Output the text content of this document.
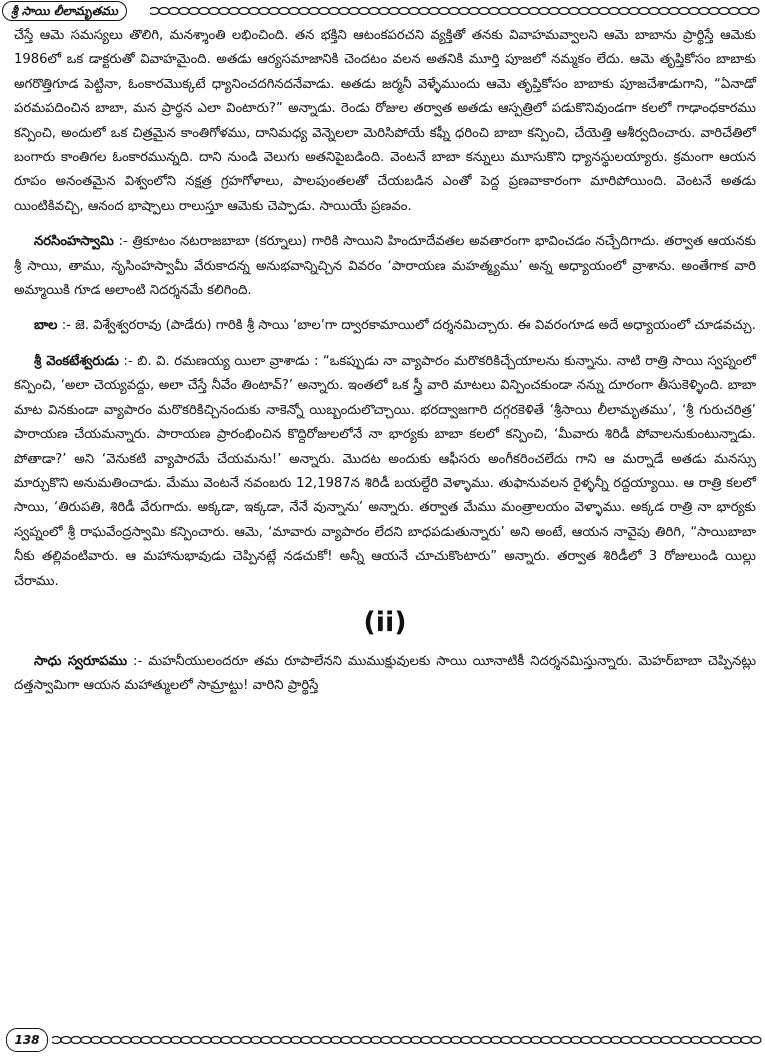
శ్రీ సాయి లీలామృతము

చేస్తే ఆమె సమస్యలు తొలిగి, మనశ్శాంతి లభించింది. తన భక్తిని ఆటంకపరచని వ్యక్తితో తనకు వివాహమవ్వాలని ఆమె బాబాను ప్రార్థిస్తే ఆమెకు 1986లో ఒక డాక్టరుతో వివాహమైంది. అతడు ఆర్యసమాజానికి చెందటం వలన అతనికి మూర్తి పూజలో నమ్మకం లేదు. ఆమె తృప్తికోసం బాబాకు అగరొత్తిగూడ పెట్టినా, ఓంకారమొక్కటే ధ్యానించదగినదనేవాడు. అతడు జర్మనీ వెళ్ళేముందు ఆమె తృప్తికోసం బాబాకు పూజచేశాడుగాని, “ఏనాడో పరమపదించిన బాబా, మన ప్రార్థన ఎలా వింటారు?” అన్నాడు. రెండు రోజుల తర్వాత అతడు ఆస్పత్రిలో పడుకొనివుండగా కలలో గాఢాంధకారము కన్పించి, అందులో ఒక చిత్రమైన కాంతిగోళము, దానిమధ్య వెన్నెలలా మెరిసిపోయే కఫ్నీ ధరించి బాబా కన్పించి, చేయెత్తి ఆశీర్వదించారు. వారిచేతిలో బంగారు కాంతిగల ఓంకారమున్నది. దాని నుండి వెలుగు అతనిపైబడింది. వెంటనే బాబా కన్నులు మూసుకొని ధ్యానస్థులయ్యారు. క్రమంగా ఆయన రూపం అనంతమైన విశ్వంలోని నక్షత్ర గ్రహగోళాలు, పాలపుంతలతో చేయబడిన ఎంతో పెద్ద ప్రణవాకారంగా మారిపోయింది. వెంటనే అతడు యింటికివచ్చి, ఆనంద భాష్పాలు రాలుస్తూ ఆమెకు చెప్పాడు. సాయియే ప్రణవం.

నరసింహస్వామి :- త్రికూటం నటరాజబాబా (కర్నూలు) గారికి సాయిని హిందూదేవతల అవతారంగా భావించడం నచ్చేదిగాదు. తర్వాత ఆయనకు శ్రీ సాయి, తాము, నృసింహస్వామీ వేరుకాదన్న అనుభవాన్నిచ్చిన వివరం ‘పారాయణ మహత్మ్యము’ అన్న అధ్యాయంలో వ్రాశాను. అంతేగాక వారి అమ్మాయికి గూడ అలాంటి నిదర్శనమే కలిగింది.

బాల :- జె. విశ్వేశ్వరరావు (పాడేరు) గారికి శ్రీ సాయి ‘బాల’గా ద్వారకామాయిలో దర్శనమిచ్చారు. ఈ వివరంగూడ అదే అధ్యాయంలో చూడవచ్చు.

శ్రీ వెంకటేశ్వరుడు :- బి. వి. రమణయ్య యిలా వ్రాశాడు : “ఒకప్పుడు నా వ్యాపారం మరొకరికిచ్చేయాలను కున్నాను. నాటి రాత్రి సాయి స్వప్నంలో కన్పించి, ‘అలా చెయ్యవద్దు, అలా చేస్తే నీవేం తింటావ్?’ అన్నారు. ఇంతలో ఒక స్త్రీ వారి మాటలు విన్పించకుండా నన్ను దూరంగా తీసుకెళ్ళింది. బాబా మాట వినకుండా వ్యాపారం మరొకరికిచ్చినందుకు నాకెన్నో యిబ్బందులొచ్చాయి. భరద్వాజగారి దగ్గరకెళితే ‘శ్రీసాయి లీలామృతము’, ‘శ్రీ గురుచరిత్ర’ పారాయణ చేయమన్నారు. పారాయణ ప్రారంభించిన కొద్దిరోజులలోనే నా భార్యకు బాబా కలలో కన్పించి, ‘మీవారు శిరిడీ పోవాలనుకుంటున్నాడు. పోతాడా?’ అని ‘వెనుకటి వ్యాపారమే చేయమను!’ అన్నారు. మొదట అందుకు ఆఫీసరు అంగీకరించలేదు గాని ఆ మర్నాడే అతడు మనస్సు మార్చుకొని అనుమతించాడు. మేము వెంటనే నవంబరు 12,1987న శిరిడీ బయల్దేరి వెళ్ళాము. తుఫానువలన రైళ్ళన్నీ రద్దయ్యాయి. ఆ రాత్రి కలలో సాయి, ‘తిరుపతి, శిరిడీ వేరుగాదు. అక్కడా, ఇక్కడా, నేనే వున్నాను’ అన్నారు. తర్వాత మేము మంత్రాలయం వెళ్ళాము. అక్కడ రాత్రి నా భార్యకు స్వప్నంలో శ్రీ రాఘవేంద్రస్వామి కన్పించారు. ఆమె, ‘మావారు వ్యాపారం లేదని బాధపడుతున్నారు’ అని అంటే, ఆయన నావైపు తిరిగి, “సాయిబాబా నీకు తల్లివంటివారు. ఆ మహానుభావుడు చెప్పినట్లే నడచుకో! అన్నీ ఆయనే చూచుకొంటారు” అన్నారు. తర్వాత శిరిడీలో 3 రోజులుండి యిల్లు చేరాము.

(ii)

సాధు స్వరూపము :- మహనీయులందరూ తమ రూపాలేనని ముముక్షువులకు సాయి యీనాటికీ నిదర్శనమిస్తున్నారు. మెహర్‌బాబా చెప్పినట్లు దత్తస్వామిగా ఆయన మహాత్ములలో సామ్రాట్టు! వారిని ప్రార్థిస్తే

138
